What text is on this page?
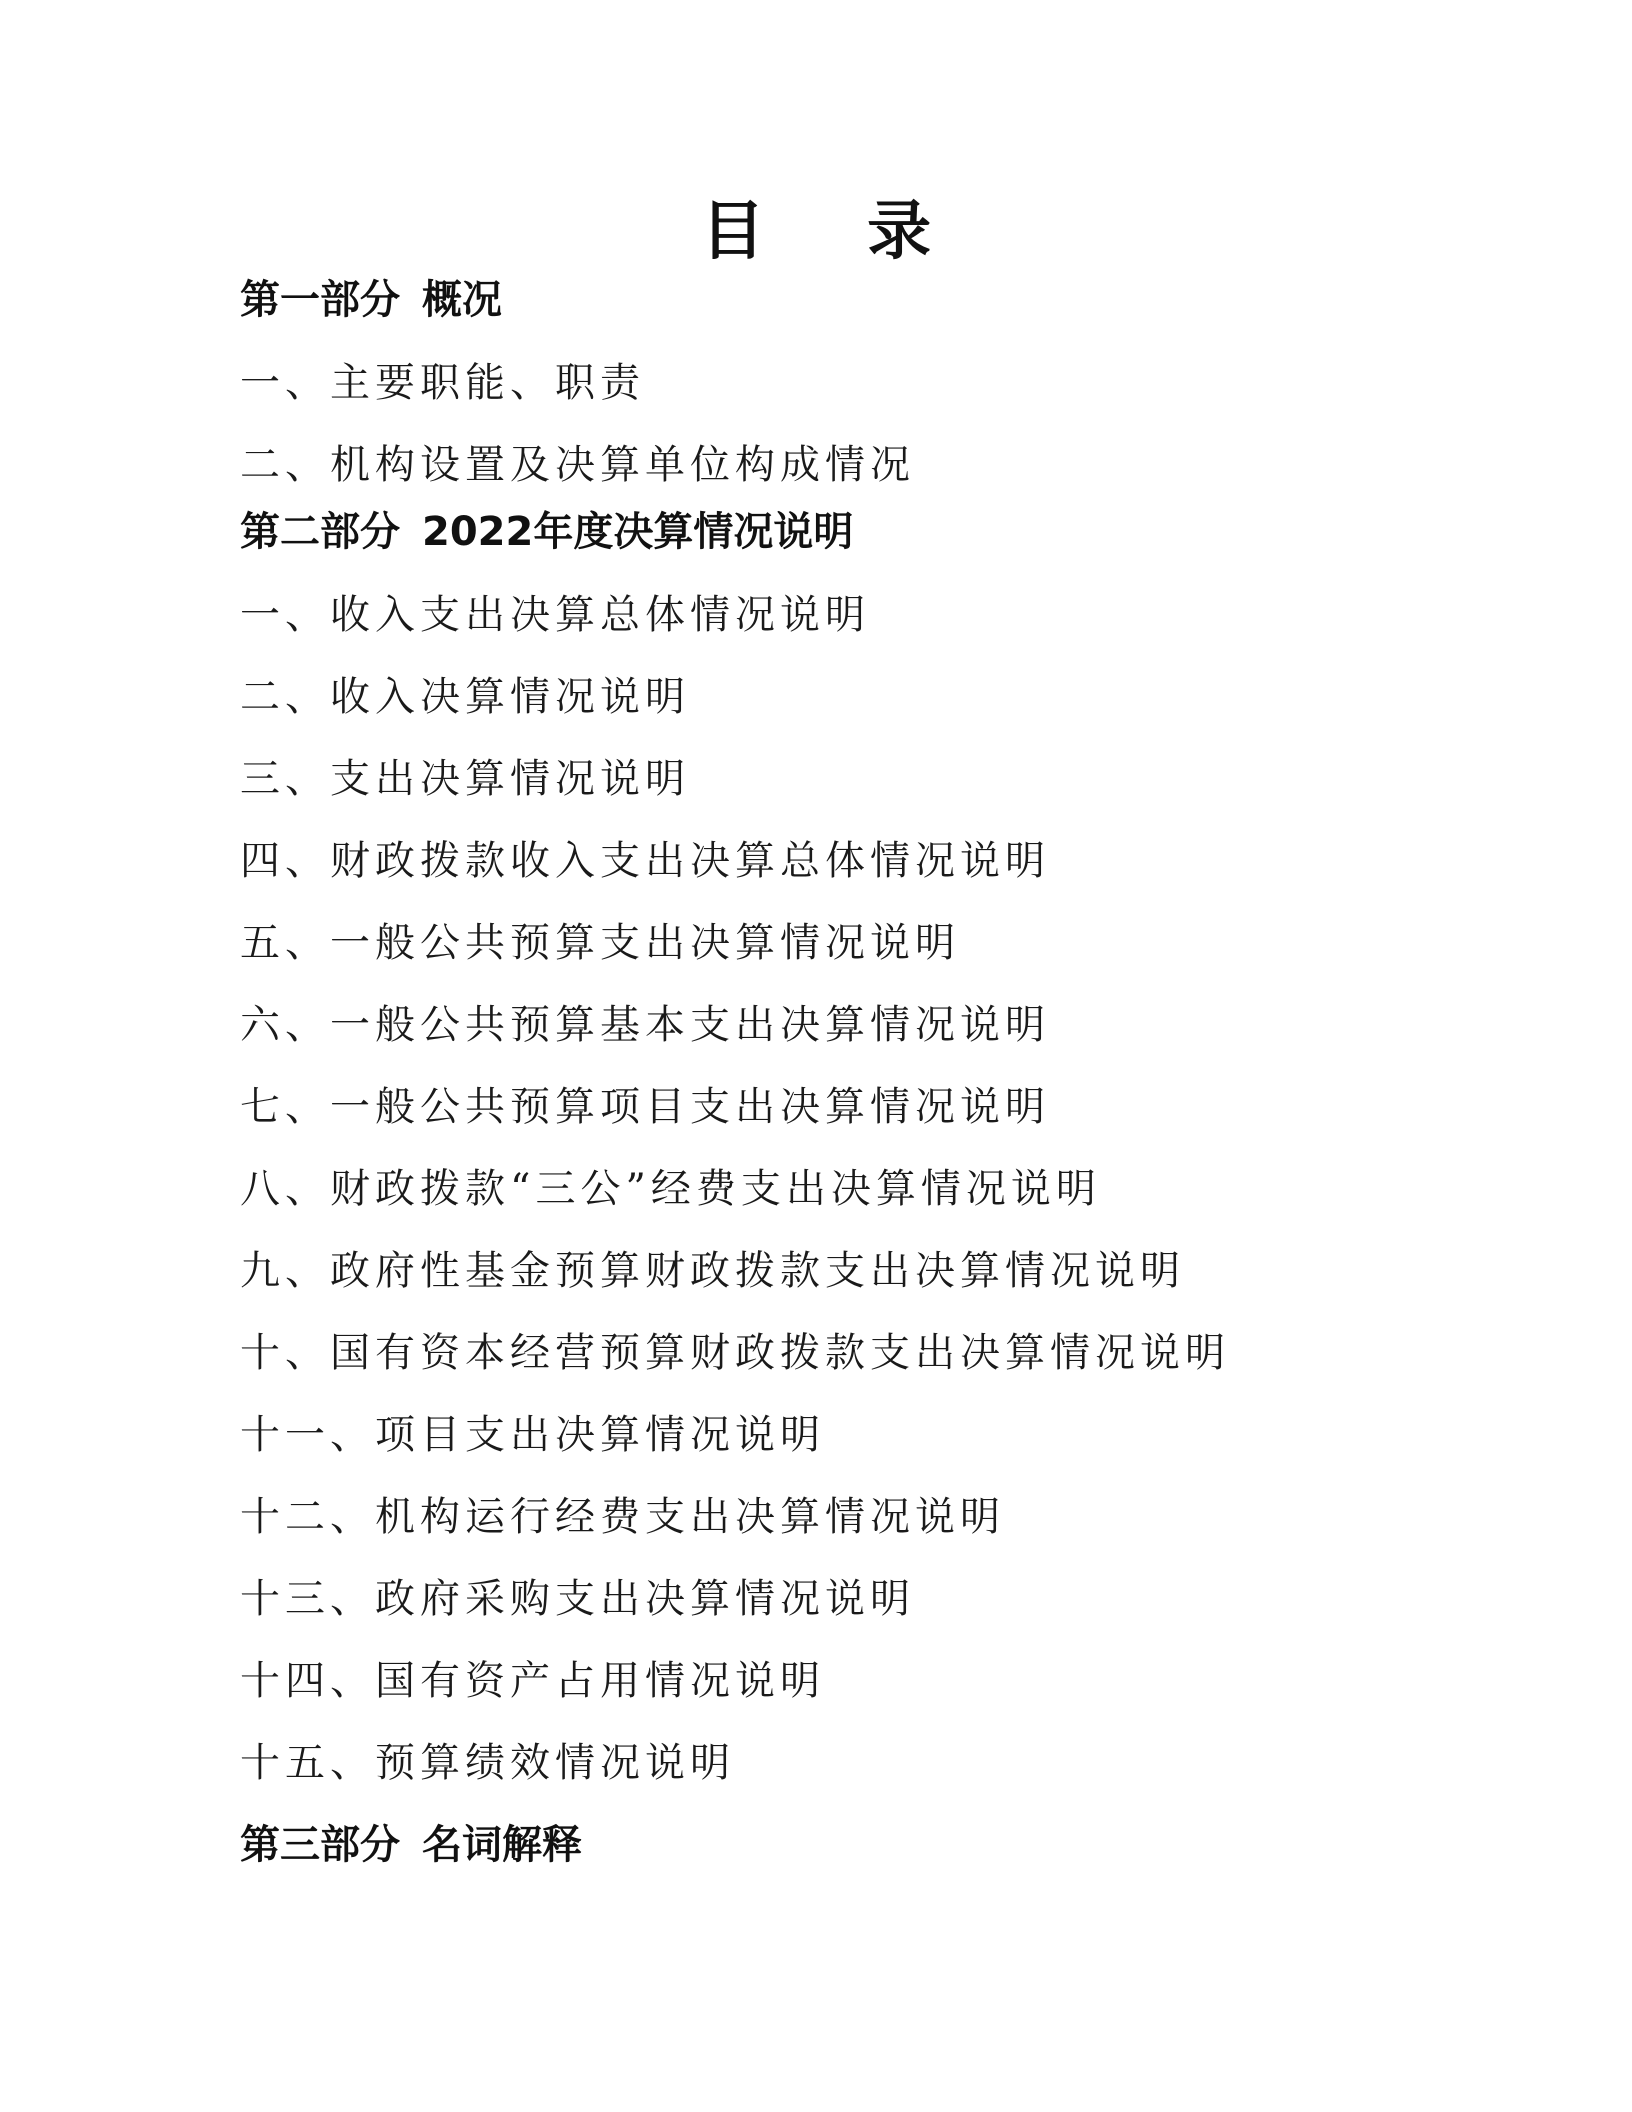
目 录
第一部分 概况
一、主要职能、职责
二、机构设置及决算单位构成情况
第二部分 2022年度决算情况说明
一、收入支出决算总体情况说明
二、收入决算情况说明
三、支出决算情况说明
四、财政拨款收入支出决算总体情况说明
五、一般公共预算支出决算情况说明
六、一般公共预算基本支出决算情况说明
七、一般公共预算项目支出决算情况说明
八、财政拨款“三公”经费支出决算情况说明
九、政府性基金预算财政拨款支出决算情况说明
十、国有资本经营预算财政拨款支出决算情况说明
十一、项目支出决算情况说明
十二、机构运行经费支出决算情况说明
十三、政府采购支出决算情况说明
十四、国有资产占用情况说明
十五、预算绩效情况说明
第三部分 名词解释
